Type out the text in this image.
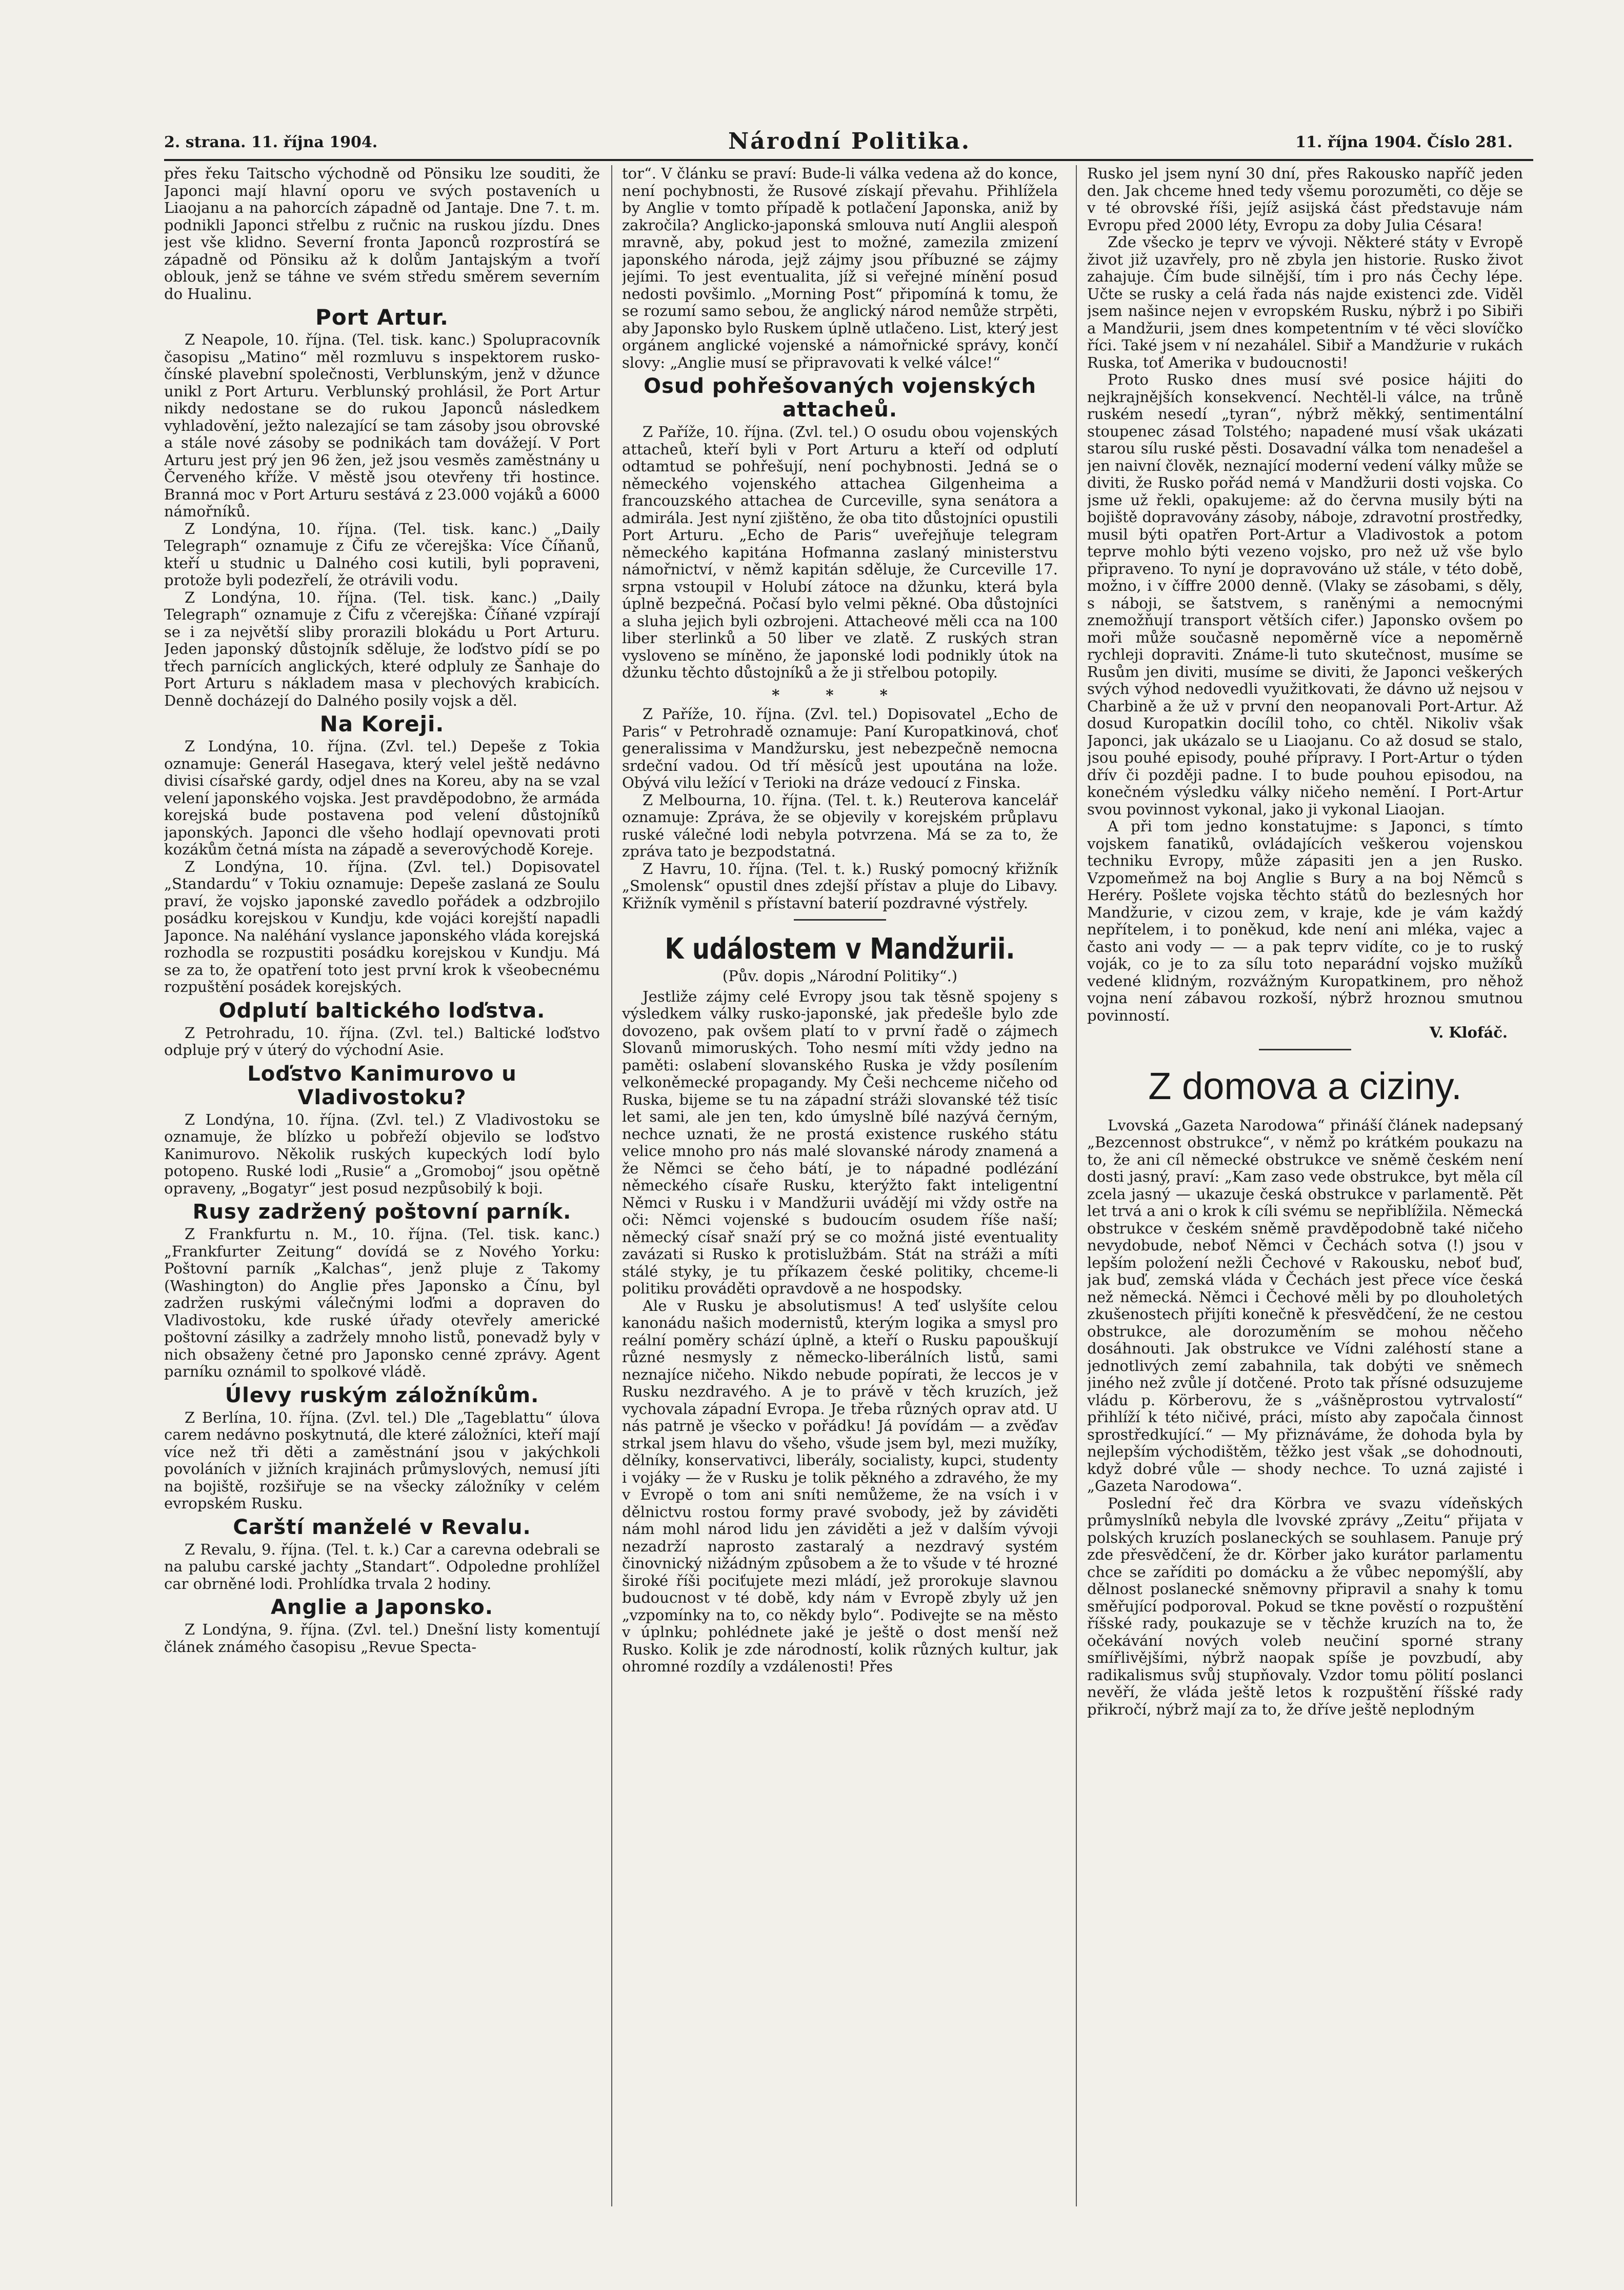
2. strana. 11. října 1904.	Národní Politika.	11. října 1904. Číslo 281.

přes řeku Taitscho východně od Pönsiku lze souditi, že Japonci mají hlavní oporu ve svých postaveních u Liaojanu a na pahorcích západně od Jantaje. Dne 7. t. m. podnikli Japonci střelbu z ručnic na ruskou jízdu. Dnes jest vše klidno. Severní fronta Japonců rozprostírá se západně od Pönsiku až k dolům Jantajským a tvoří oblouk, jenž se táhne ve svém středu směrem severním do Hualinu.

Port Artur.

Z Neapole, 10. října. (Tel. tisk. kanc.) Spolupracovník časopisu „Matino“ měl rozmluvu s inspektorem rusko-čínské plavební společnosti, Verblunským, jenž v džunce unikl z Port Arturu. Verblunský prohlásil, že Port Artur nikdy nedostane se do rukou Japonců následkem vyhladovění, ježto nalezající se tam zásoby jsou obrovské a stále nové zásoby se podnikách tam dovážejí. V Port Arturu jest prý jen 96 žen, jež jsou vesměs zaměstnány u Červeného kříže. V městě jsou otevřeny tři hostince. Branná moc v Port Arturu sestává z 23.000 vojáků a 6000 námořníků.

Z Londýna, 10. října. (Tel. tisk. kanc.) „Daily Telegraph“ oznamuje z Čifu ze včerejška: Více Číňanů, kteří u studnic u Dalného cosi kutili, byli popraveni, protože byli podezřelí, že otrávili vodu.

Z Londýna, 10. října. (Tel. tisk. kanc.) „Daily Telegraph“ oznamuje z Čifu z včerejška: Číňané vzpírají se i za největší sliby prorazili blokádu u Port Arturu. Jeden japonský důstojník sděluje, že loďstvo pídí se po třech parnících anglických, které odpluly ze Šanhaje do Port Arturu s nákladem masa v plechových krabicích. Denně docházejí do Dalného posily vojsk a děl.

Na Koreji.

Z Londýna, 10. října. (Zvl. tel.) Depeše z Tokia oznamuje: Generál Hasegava, který velel ještě nedávno divisi císařské gardy, odjel dnes na Koreu, aby na se vzal velení japonského vojska. Jest pravděpodobno, že armáda korejská bude postavena pod velení důstojníků japonských. Japonci dle všeho hodlají opevnovati proti kozákům četná místa na západě a severovýchodě Koreje.

Z Londýna, 10. října. (Zvl. tel.) Dopisovatel „Standardu“ v Tokiu oznamuje: Depeše zaslaná ze Soulu praví, že vojsko japonské zavedlo pořádek a odzbrojilo posádku korejskou v Kundju, kde vojáci korejští napadli Japonce. Na naléhání vyslance japonského vláda korejská rozhodla se rozpustiti posádku korejskou v Kundju. Má se za to, že opatření toto jest první krok k všeobecnému rozpuštění posádek korejských.

Odplutí baltického loďstva.

Z Petrohradu, 10. října. (Zvl. tel.) Baltické loďstvo odpluje prý v úterý do východní Asie.

Loďstvo Kanimurovo u Vladivostoku?

Z Londýna, 10. října. (Zvl. tel.) Z Vladivostoku se oznamuje, že blízko u pobřeží objevilo se loďstvo Kanimurovo. Několik ruských kupeckých lodí bylo potopeno. Ruské lodi „Rusie“ a „Gromoboj“ jsou opětně opraveny, „Bogatyr“ jest posud nezpůsobilý k boji.

Rusy zadržený poštovní parník.

Z Frankfurtu n. M., 10. října. (Tel. tisk. kanc.) „Frankfurter Zeitung“ dovídá se z Nového Yorku: Poštovní parník „Kalchas“, jenž pluje z Takomy (Washington) do Anglie přes Japonsko a Čínu, byl zadržen ruskými válečnými loďmi a dopraven do Vladivostoku, kde ruské úřady otevřely americké poštovní zásilky a zadržely mnoho listů, ponevadž byly v nich obsaženy četné pro Japonsko cenné zprávy. Agent parníku oznámil to spolkové vládě.

Úlevy ruským záložníkům.

Z Berlína, 10. října. (Zvl. tel.) Dle „Tageblattu“ úlova carem nedávno poskytnutá, dle které záložníci, kteří mají více než tři děti a zaměstnání jsou v jakýchkoli povoláních v jižních krajinách průmyslových, nemusí jíti na bojiště, rozšiřuje se na všecky záložníky v celém evropském Rusku.

Carští manželé v Revalu.

Z Revalu, 9. října. (Tel. t. k.) Car a carevna odebrali se na palubu carské jachty „Standart“. Odpoledne prohlížel car obrněné lodi. Prohlídka trvala 2 hodiny.

Anglie a Japonsko.

Z Londýna, 9. října. (Zvl. tel.) Dnešní listy komentují článek známého časopisu „Revue Specta-

tor“. V článku se praví: Bude-li válka vedena až do konce, není pochybnosti, že Rusové získají převahu. Přihlížela by Anglie v tomto případě k potlačení Japonska, aniž by zakročila? Anglicko-japonská smlouva nutí Anglii alespoň mravně, aby, pokud jest to možné, zamezila zmizení japonského národa, jejž zájmy jsou příbuzné se zájmy jejími. To jest eventualita, jíž si veřejné mínění posud nedosti povšimlo. „Morning Post“ připomíná k tomu, že se rozumí samo sebou, že anglický národ nemůže strpěti, aby Japonsko bylo Ruskem úplně utlačeno. List, který jest orgánem anglické vojenské a námořnické správy, končí slovy: „Anglie musí se připravovati k velké válce!“

Osud pohřešovaných vojenských attacheů.

Z Paříže, 10. října. (Zvl. tel.) O osudu obou vojenských attacheů, kteří byli v Port Arturu a kteří od odplutí odtamtud se pohřešují, není pochybnosti. Jedná se o německého vojenského attachea Gilgenheima a francouzského attachea de Curceville, syna senátora a admirála. Jest nyní zjištěno, že oba tito důstojníci opustili Port Arturu. „Echo de Paris“ uveřejňuje telegram německého kapitána Hofmanna zaslaný ministerstvu námořnictví, v němž kapitán sděluje, že Curceville 17. srpna vstoupil v Holubí zátoce na džunku, která byla úplně bezpečná. Počasí bylo velmi pěkné. Oba důstojníci a sluha jejich byli ozbrojeni. Attacheové měli cca na 100 liber sterlinků a 50 liber ve zlatě. Z ruských stran vysloveno se míněno, že japonské lodi podnikly útok na džunku těchto důstojníků a že ji střelbou potopily.

* * *

Z Paříže, 10. října. (Zvl. tel.) Dopisovatel „Echo de Paris“ v Petrohradě oznamuje: Paní Kuropatkinová, choť generalissima v Mandžursku, jest nebezpečně nemocna srdeční vadou. Od tří měsíců jest upoutána na lože. Obývá vilu ležící v Terioki na dráze vedoucí z Finska.

Z Melbourna, 10. října. (Tel. t. k.) Reuterova kancelář oznamuje: Zpráva, že se objevily v korejském průplavu ruské válečné lodi nebyla potvrzena. Má se za to, že zpráva tato je bezpodstatná.

Z Havru, 10. října. (Tel. t. k.) Ruský pomocný křižník „Smolensk“ opustil dnes zdejší přístav a pluje do Libavy. Křižník vyměnil s přístavní baterií pozdravné výstřely.

K událostem v Mandžurii.
(Pův. dopis „Národní Politiky“.)

Jestliže zájmy celé Evropy jsou tak těsně spojeny s výsledkem války rusko-japonské, jak předešle bylo zde dovozeno, pak ovšem platí to v první řadě o zájmech Slovanů mimoruských. Toho nesmí míti vždy jedno na paměti: oslabení slovanského Ruska je vždy posílením velkoněmecké propagandy. My Češi nechceme ničeho od Ruska, bijeme se tu na západní stráži slovanské též tisíc let sami, ale jen ten, kdo úmyslně bílé nazývá černým, nechce uznati, že ne prostá existence ruského státu velice mnoho pro nás malé slovanské národy znamená a že Němci se čeho bátí, je to nápadné podlézání německého císaře Rusku, kterýžto fakt inteligentní Němci v Rusku i v Mandžurii uvádějí mi vždy ostře na oči: Němci vojenské s budoucím osudem říše naší; německý císař snaží prý se co možná jisté eventuality zavázati si Rusko k protislužbám. Stát na stráži a míti stálé styky, je tu příkazem české politiky, chceme-li politiku prováděti opravdově a ne hospodsky.

Ale v Rusku je absolutismus! A teď uslyšíte celou kanonádu našich modernistů, kterým logika a smysl pro reální poměry schází úplně, a kteří o Rusku papouškují různé nesmysly z německo-liberálních listů, sami neznajíce ničeho. Nikdo nebude popírati, že leccos je v Rusku nezdravého. A je to právě v těch kruzích, jež vychovala západní Evropa. Je třeba různých oprav atd. U nás patrně je všecko v pořádku! Já povídám — a zvěďav strkal jsem hlavu do všeho, všude jsem byl, mezi mužíky, dělníky, konservativci, liberály, socialisty, kupci, studenty i vojáky — že v Rusku je tolik pěkného a zdravého, že my v Evropě o tom ani sníti nemůžeme, že na vsích i v dělnictvu rostou formy pravé svobody, jež by záviděti nám mohl národ lidu jen záviděti a jež v dalším vývoji nezadrží naprosto zastaralý a nezdravý systém činovnický nižádným způsobem a že to všude v té hrozné široké říši pociťujete mezi mládí, jež prorokuje slavnou budoucnost v té době, kdy nám v Evropě zbyly už jen „vzpomínky na to, co někdy bylo“. Podivejte se na město v úplnku; pohlédnete jaké je ještě o dost menší než Rusko. Kolik je zde národností, kolik různých kultur, jak ohromné rozdíly a vzdálenosti! Přes

Rusko jel jsem nyní 30 dní, přes Rakousko napříč jeden den. Jak chceme hned tedy všemu porozuměti, co děje se v té obrovské říši, jejíž asijská část představuje nám Evropu před 2000 léty, Evropu za doby Julia Césara!

Zde všecko je teprv ve vývoji. Některé státy v Evropě život již uzavřely, pro ně zbyla jen historie. Rusko život zahajuje. Čím bude silnější, tím i pro nás Čechy lépe. Učte se rusky a celá řada nás najde existenci zde. Viděl jsem našince nejen v evropském Rusku, nýbrž i po Sibiři a Mandžurii, jsem dnes kompetentním v té věci slovíčko říci. Také jsem v ní nezahálel. Sibiř a Mandžurie v rukách Ruska, toť Amerika v budoucnosti!

Proto Rusko dnes musí své posice hájiti do nejkrajnějších konsekvencí. Nechtěl-li válce, na trůně ruském nesedí „tyran“, nýbrž měkký, sentimentální stoupenec zásad Tolstého; napadené musí však ukázati starou sílu ruské pěsti. Dosavadní válka tom nenadešel a jen naivní člověk, neznající moderní vedení války může se diviti, že Rusko pořád nemá v Mandžurii dosti vojska. Co jsme už řekli, opakujeme: až do června musily býti na bojiště dopravovány zásoby, náboje, zdravotní prostředky, musil býti opatřen Port-Artur a Vladivostok a potom teprve mohlo býti vezeno vojsko, pro než už vše bylo připraveno. To nyní je dopravováno už stále, v této době, možno, i v číffre 2000 denně. (Vlaky se zásobami, s děly, s náboji, se šatstvem, s raněnými a nemocnými znemožňují transport větších cifer.) Japonsko ovšem po moři může současně nepoměrně více a nepoměrně rychleji dopraviti. Známe-li tuto skutečnost, musíme se Rusům jen diviti, musíme se diviti, že Japonci veškerých svých výhod nedovedli využitkovati, že dávno už nejsou v Charbině a že už v první den neopanovali Port-Artur. Až dosud Kuropatkin docílil toho, co chtěl. Nikoliv však Japonci, jak ukázalo se u Liaojanu. Co až dosud se stalo, jsou pouhé episody, pouhé přípravy. I Port-Artur o týden dřív či později padne. I to bude pouhou episodou, na konečném výsledku války ničeho nemění. I Port-Artur svou povinnost vykonal, jako ji vykonal Liaojan.

A při tom jedno konstatujme: s Japonci, s tímto vojskem fanatiků, ovládajících veškerou vojenskou techniku Evropy, může zápasiti jen a jen Rusko. Vzpomeňmež na boj Anglie s Bury a na boj Němců s Heréry. Pošlete vojska těchto států do bezlesných hor Mandžurie, v cizou zem, v kraje, kde je vám každý nepřítelem, i to poněkud, kde není ani mléka, vajec a často ani vody — — a pak teprv vidíte, co je to ruský voják, co je to za sílu toto neparádní vojsko mužíků vedené klidným, rozvážným Kuropatkinem, pro něhož vojna není zábavou rozkoší, nýbrž hroznou smutnou povinností.

V. Klofáč.
Z domova a ciziny.

Lvovská „Gazeta Narodowa“ přináší článek nadepsaný „Bezcennost obstrukce“, v němž po krátkém poukazu na to, že ani cíl německé obstrukce ve sněmě českém není dosti jasný, praví: „Kam zaso vede obstrukce, byt měla cíl zcela jasný — ukazuje česká obstrukce v parlamentě. Pět let trvá a ani o krok k cíli svému se nepřiblížila. Německá obstrukce v českém sněmě pravděpodobně také ničeho nevydobude, neboť Němci v Čechách sotva (!) jsou v lepším položení nežli Čechové v Rakousku, neboť buď, jak buď, zemská vláda v Čechách jest přece více česká než německá. Němci i Čechové měli by po dlouholetých zkušenostech přijíti konečně k přesvědčení, že ne cestou obstrukce, ale dorozuměním se mohou něčeho dosáhnouti. Jak obstrukce ve Vídni zaléhostí stane a jednotlivých zemí zabahnila, tak dobýti ve sněmech jiného než zvůle jí dotčené. Proto tak přísné odsuzujeme vládu p. Körberovu, že s „vášněprostou vytrvalostí“ přihlíží k této ničivé, práci, místo aby započala činnost sprostředkující.“ — My přiznáváme, že dohoda byla by nejlepším východištěm, těžko jest však „se dohodnouti, když dobré vůle — shody nechce. To uzná zajisté i „Gazeta Narodowa“.

Poslední řeč dra Körbra ve svazu vídeňských průmyslníků nebyla dle lvovské zprávy „Zeitu“ přijata v polských kruzích poslaneckých se souhlasem. Panuje prý zde přesvědčení, že dr. Körber jako kurátor parlamentu chce se zaříditi po domácku a že vůbec nepomýšlí, aby dělnost poslanecké sněmovny připravil a snahy k tomu směřující podporoval. Pokud se tkne pověstí o rozpuštění říšské rady, poukazuje se v těchže kruzích na to, že očekávání nových voleb neučiní sporné strany smířlivějšími, nýbrž naopak spíše je povzbudí, aby radikalismus svůj stupňovaly. Vzdor tomu pölití poslanci nevěří, že vláda ještě letos k rozpuštění říšské rady přikročí, nýbrž mají za to, že dříve ještě neplodným
